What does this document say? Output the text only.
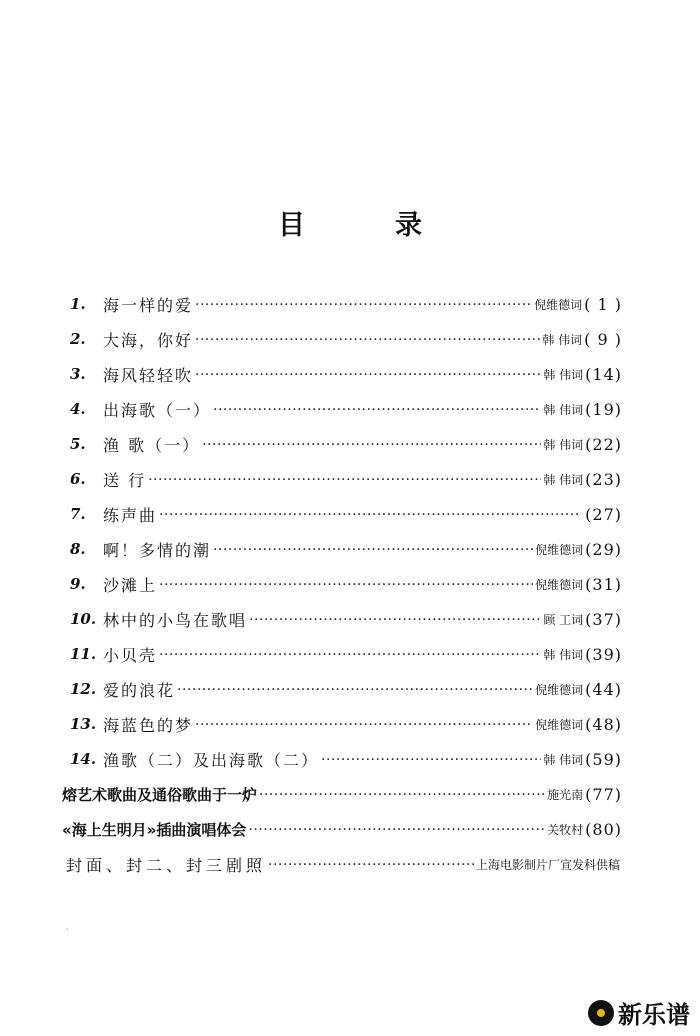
目	录
1.	海一样的爱 ·····	倪维德词 ( 1 )
2.	大海，你好 ·····	韩 伟词 ( 9 )
3.	海风轻轻吹 ·····	韩 伟词 (14)
4.	出海歌（一） ·····	韩 伟词 (19)
5.	渔 歌（一） ·····	韩 伟词 (22)
6.	送 行 ·····	韩 伟词 (23)
7.	练声曲 ·····	(27)
8.	啊！多情的潮 ·····	倪维德词 (29)
9.	沙滩上 ·····	倪维德词 (31)
10. 林中的小鸟在歌唱 ·····	顾 工词 (37)
11. 小贝壳 ·····	韩 伟词 (39)
12. 爱的浪花 ·····	倪维德词 (44)
13. 海蓝色的梦 ·····	倪维德词 (48)
14. 渔歌（二）及出海歌（二） ·····	韩 伟词 (59)
熔艺术歌曲及通俗歌曲于一炉 ·····	施光南 (77)
«海上生明月»插曲演唱体会 ·····	关牧村 (80)
封面、封二、封三剧照 ·····	上海电影制片厂宣发科供稿
·
新乐谱
